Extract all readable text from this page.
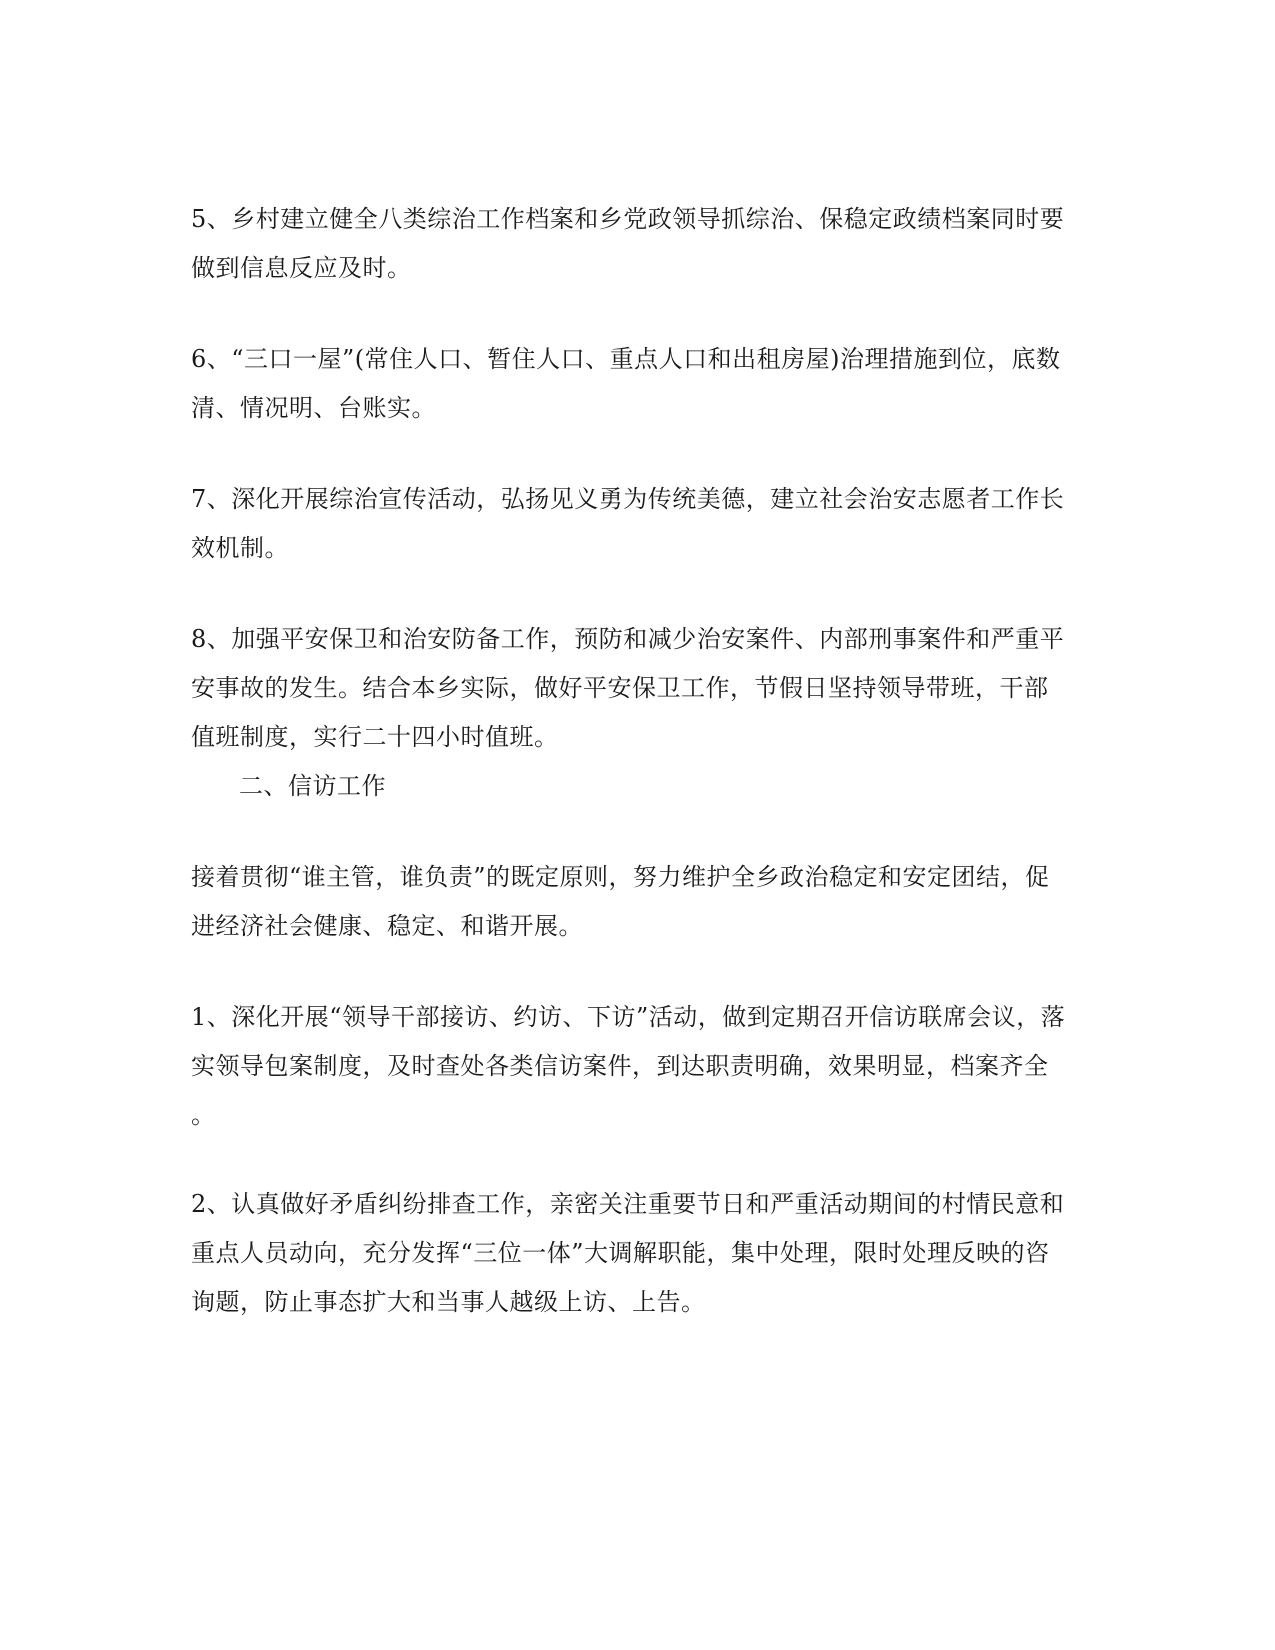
5、乡村建立健全八类综治工作档案和乡党政领导抓综治、保稳定政绩档案同时要
做到信息反应及时。

6、“三口一屋”(常住人口、暂住人口、重点人口和出租房屋)治理措施到位，底数
清、情况明、台账实。

7、深化开展综治宣传活动，弘扬见义勇为传统美德，建立社会治安志愿者工作长
效机制。

8、加强平安保卫和治安防备工作，预防和减少治安案件、内部刑事案件和严重平
安事故的发生。结合本乡实际，做好平安保卫工作，节假日坚持领导带班，干部
值班制度，实行二十四小时值班。

二、信访工作

接着贯彻“谁主管，谁负责”的既定原则，努力维护全乡政治稳定和安定团结，促
进经济社会健康、稳定、和谐开展。

1、深化开展“领导干部接访、约访、下访”活动，做到定期召开信访联席会议，落
实领导包案制度，及时查处各类信访案件，到达职责明确，效果明显，档案齐全
。

2、认真做好矛盾纠纷排查工作，亲密关注重要节日和严重活动期间的村情民意和
重点人员动向，充分发挥“三位一体”大调解职能，集中处理，限时处理反映的咨
询题，防止事态扩大和当事人越级上访、上告。
